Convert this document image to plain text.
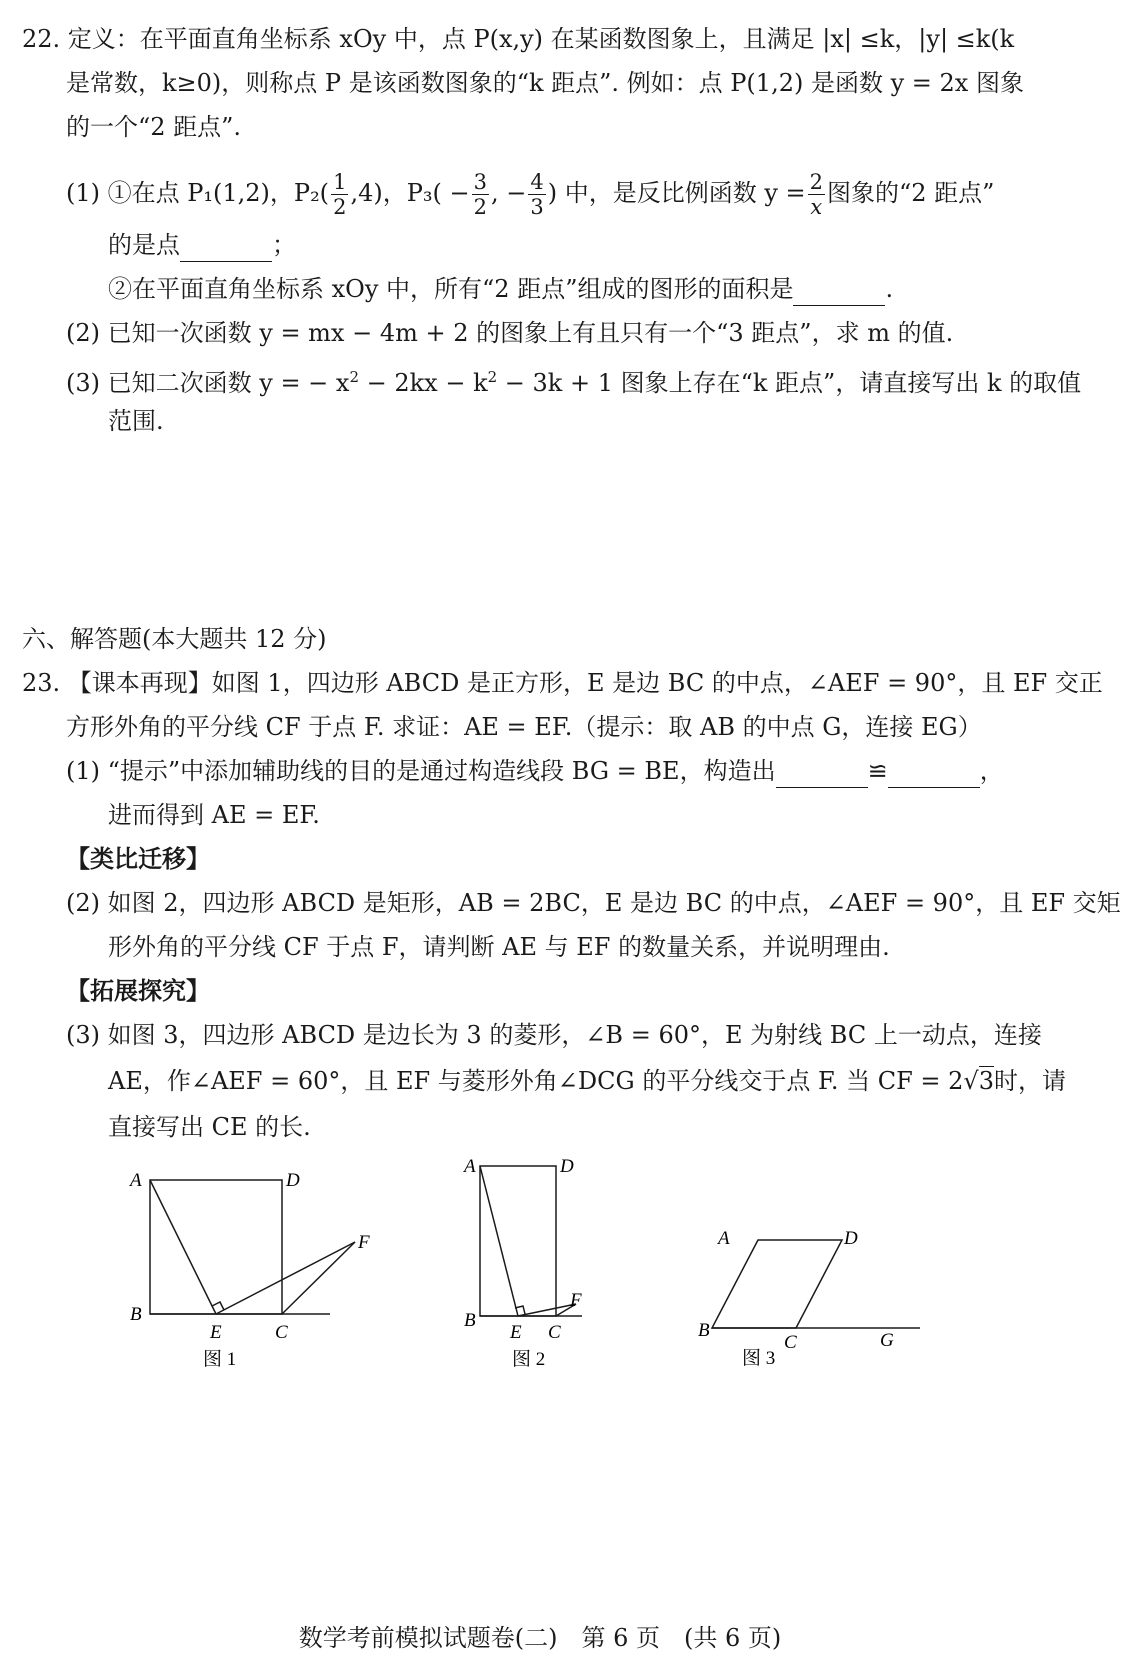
22. 定义：在平面直角坐标系 xOy 中，点 P(x,y) 在某函数图象上，且满足 |x| ≤k，|y| ≤k(k
是常数，k≥0)，则称点 P 是该函数图象的“k 距点”. 例如：点 P(1,2) 是函数 y = 2x 图象
的一个“2 距点”.
(1) ①在点 P₁(1,2)，$P_2( \frac{1}{2} ,4)$，$P_3( - \frac{3}{2}$ , − $\frac{4}{3}$ ) 中，是反比例函数 $y = \frac{2}{x}$ 图象的“2 距点”
的是点	；
②在平面直角坐标系 xOy 中，所有“2 距点”组成的图形的面积是	.
(2) 已知一次函数 y = mx − 4m + 2 的图象上有且只有一个“3 距点”，求 m 的值.
(3) 已知二次函数 y = − $x^2 - 2kx - k^2 - 3k + 1$ 图象上存在“k 距点”，请直接写出 k 的取值
范围.
六、解答题(本大题共 12 分)
23. 【课本再现】如图 1，四边形 ABCD 是正方形，E 是边 BC 的中点，∠AEF = 90°，且 EF 交正
方形外角的平分线 CF 于点 F. 求证：AE = EF.（提示：取 AB 的中点 G，连接 EG）
(1) “提示”中添加辅助线的目的是通过构造线段 BG = BE，构造出	≌	，
进而得到 AE = EF.
【类比迁移】
(2) 如图 2，四边形 ABCD 是矩形，AB = 2BC，E 是边 BC 的中点，∠AEF = 90°，且 EF 交矩
形外角的平分线 CF 于点 F，请判断 AE 与 EF 的数量关系，并说明理由.
【拓展探究】
(3) 如图 3，四边形 ABCD 是边长为 3 的菱形，∠B = 60°，E 为射线 BC 上一动点，连接
AE，作∠AEF = 60°，且 EF 与菱形外角∠DCG 的平分线交于点 F. 当 CF = 2√3时，请
直接写出 CE 的长.
A	D
B
E	C
F
图 1
A	D
B
E C
F
图 2
A	D
B
C	G
图 3
数学考前模拟试题卷(二)　第 6 页　(共 6 页)
